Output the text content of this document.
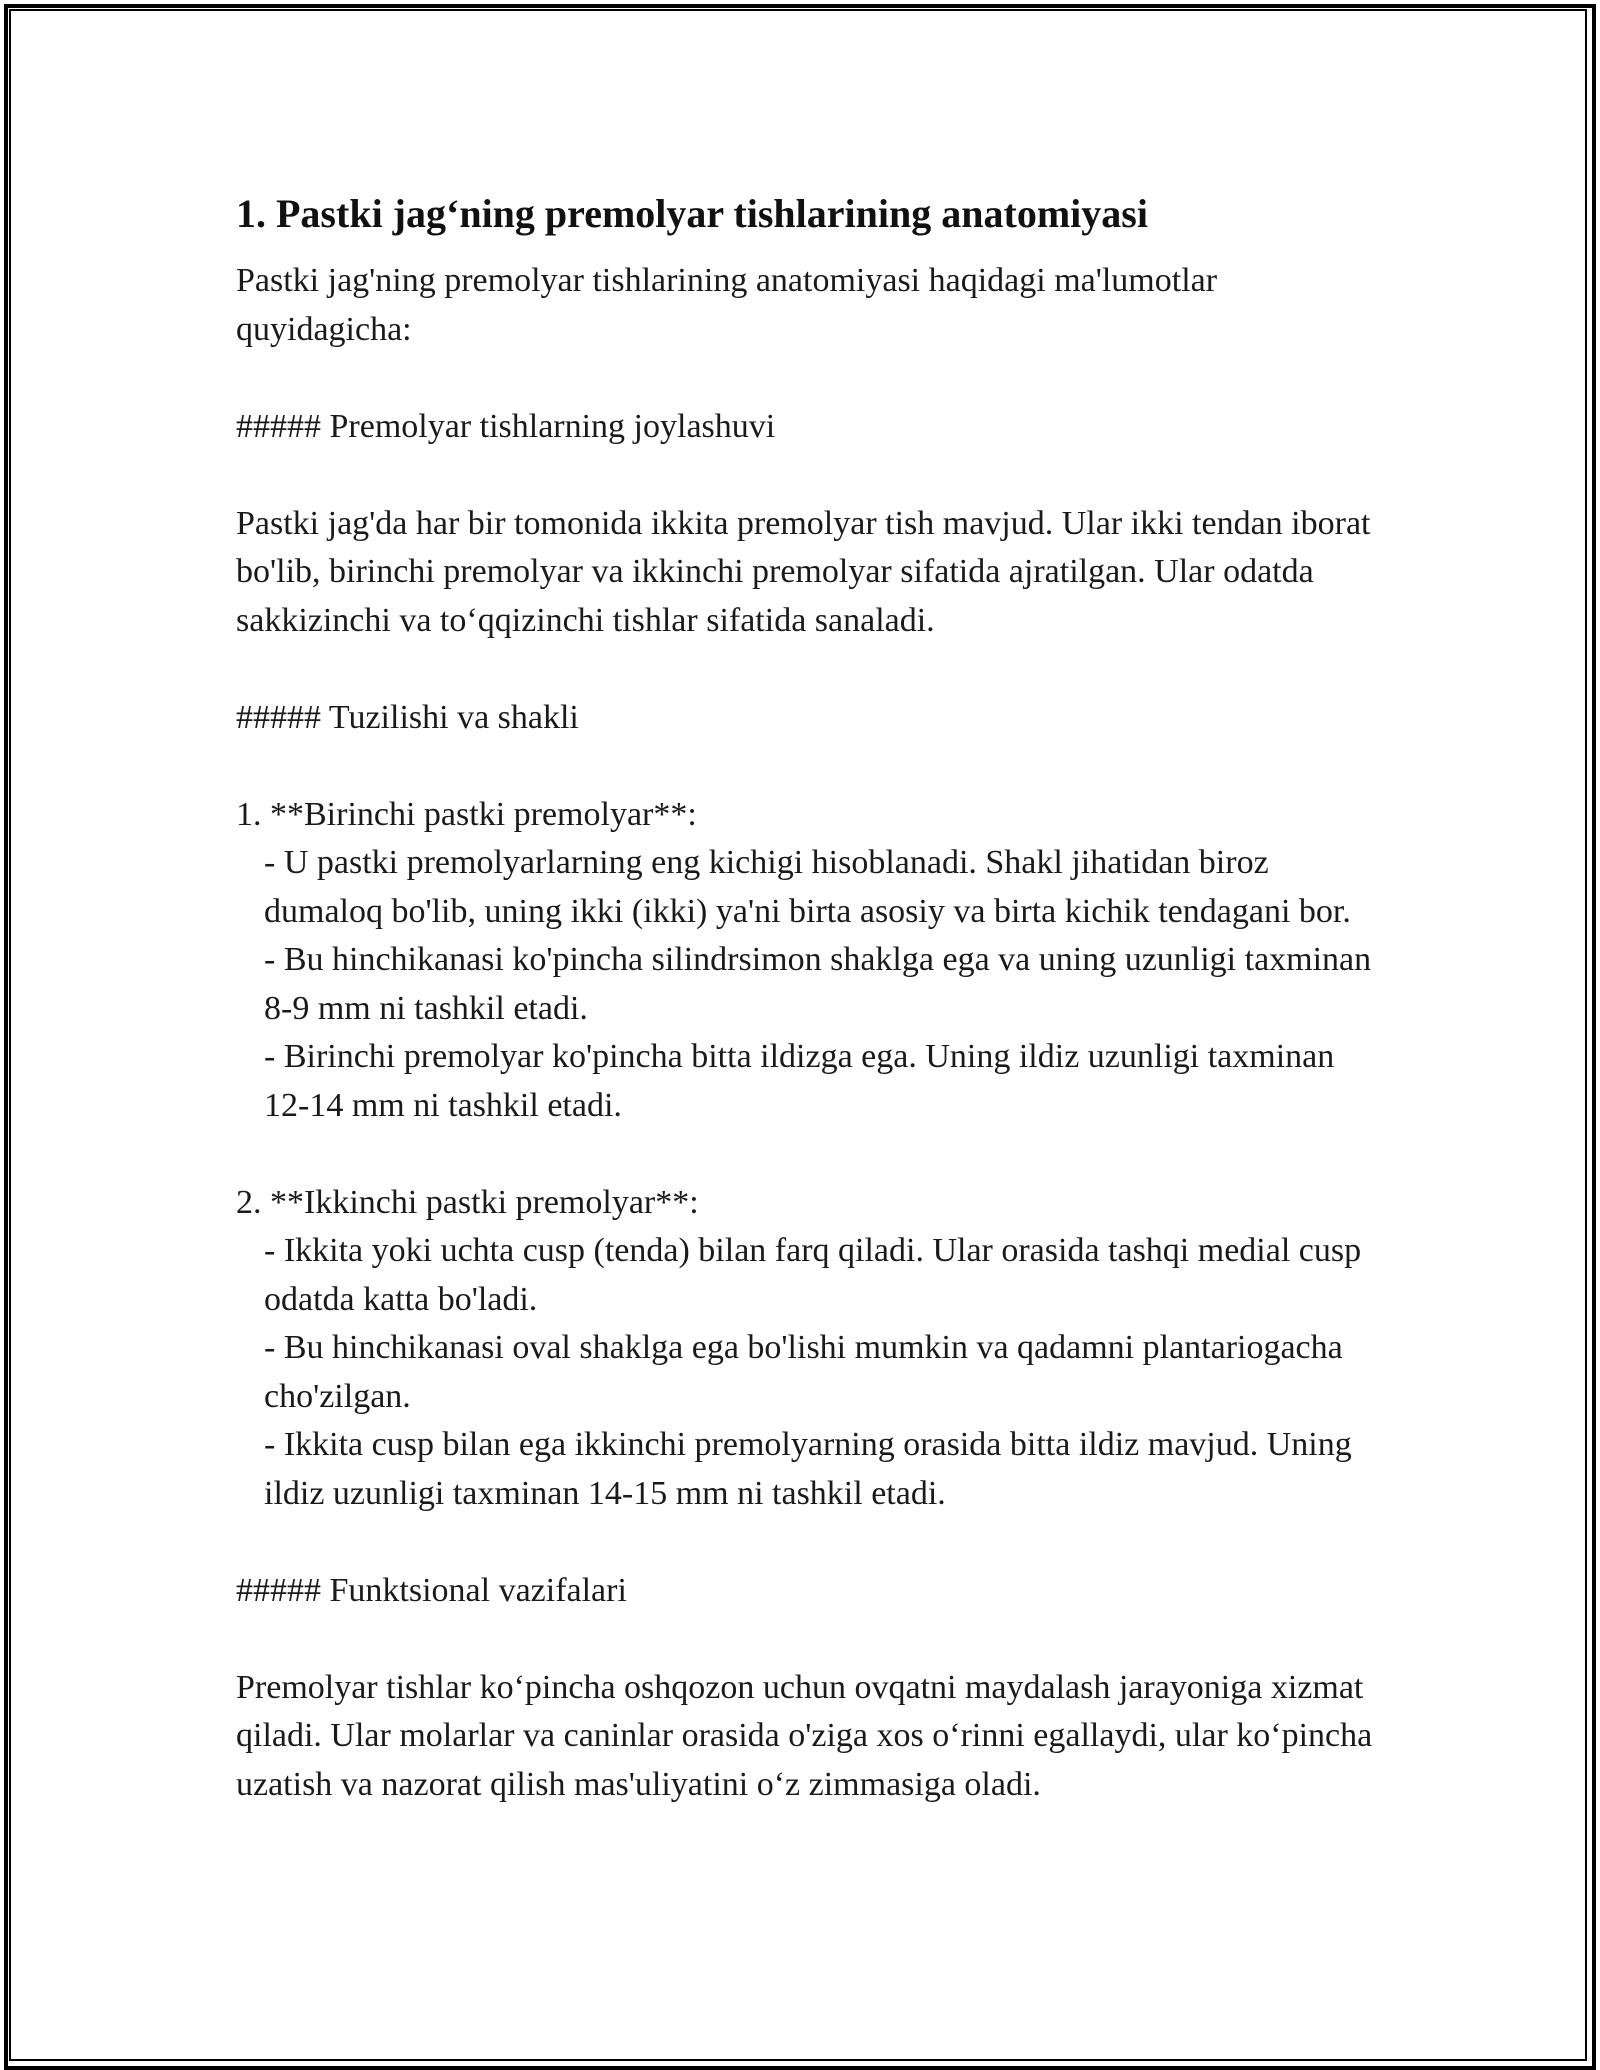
1. Pastki jag‘ning premolyar tishlarining anatomiyasi

Pastki jag'ning premolyar tishlarining anatomiyasi haqidagi ma'lumotlar quyidagicha:

##### Premolyar tishlarning joylashuvi

Pastki jag'da har bir tomonida ikkita premolyar tish mavjud. Ular ikki tendan iborat bo'lib, birinchi premolyar va ikkinchi premolyar sifatida ajratilgan. Ular odatda sakkizinchi va to‘qqizinchi tishlar sifatida sanaladi.

##### Tuzilishi va shakli

1. **Birinchi pastki premolyar**:

- U pastki premolyarlarning eng kichigi hisoblanadi. Shakl jihatidan biroz dumaloq bo'lib, uning ikki (ikki) ya'ni birta asosiy va birta kichik tendagani bor.

- Bu hinchikanasi ko'pincha silindrsimon shaklga ega va uning uzunligi taxminan 8-9 mm ni tashkil etadi.

- Birinchi premolyar ko'pincha bitta ildizga ega. Uning ildiz uzunligi taxminan 12-14 mm ni tashkil etadi.

2. **Ikkinchi pastki premolyar**:

- Ikkita yoki uchta cusp (tenda) bilan farq qiladi. Ular orasida tashqi medial cusp odatda katta bo'ladi.

- Bu hinchikanasi oval shaklga ega bo'lishi mumkin va qadamni plantariogacha cho'zilgan.

- Ikkita cusp bilan ega ikkinchi premolyarning orasida bitta ildiz mavjud. Uning ildiz uzunligi taxminan 14-15 mm ni tashkil etadi.

##### Funktsional vazifalari

Premolyar tishlar ko‘pincha oshqozon uchun ovqatni maydalash jarayoniga xizmat qiladi. Ular molarlar va caninlar orasida o'ziga xos o‘rinni egallaydi, ular ko‘pincha uzatish va nazorat qilish mas'uliyatini o‘z zimmasiga oladi.
